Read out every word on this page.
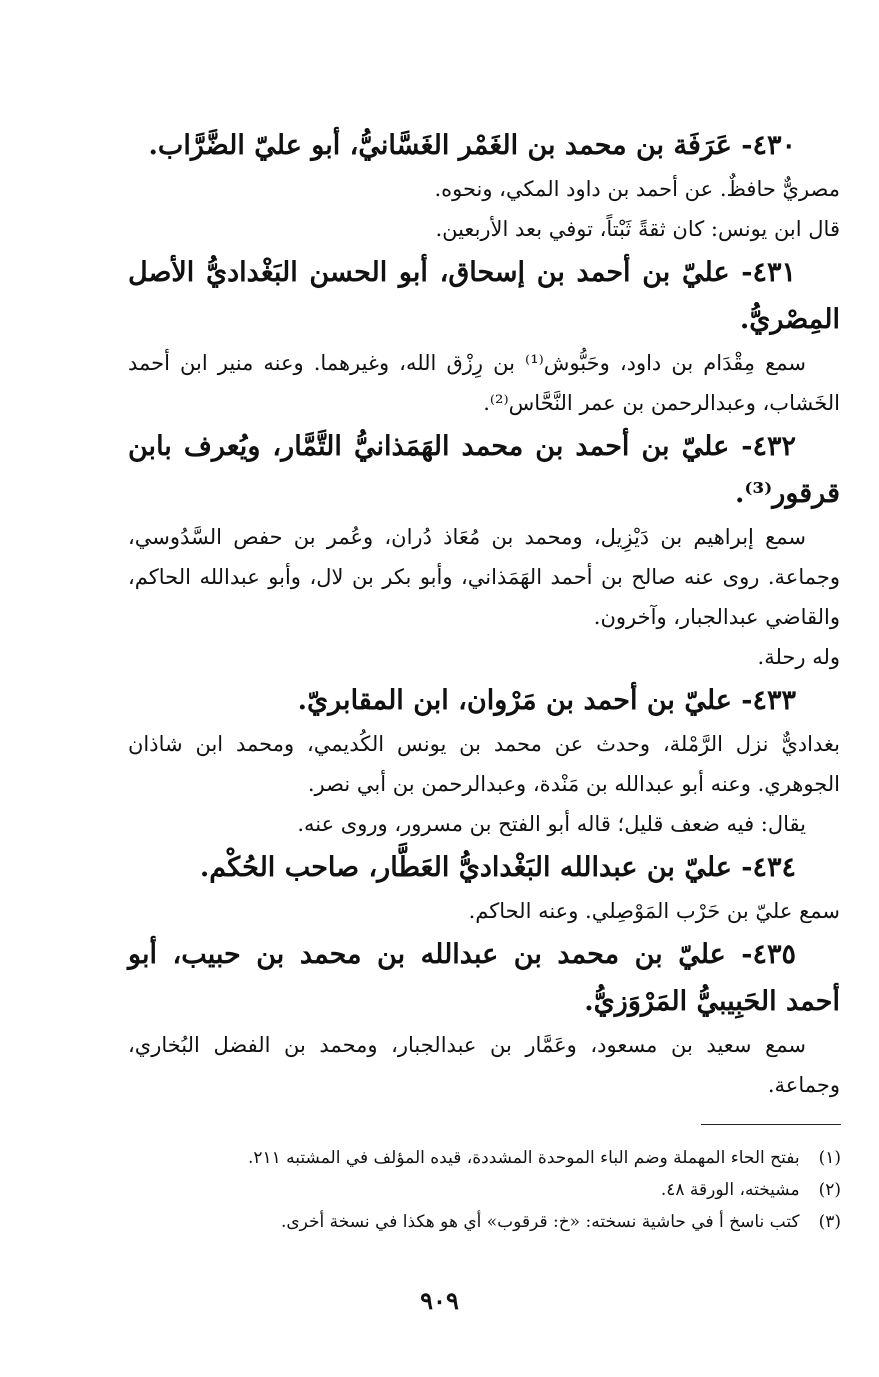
٤٣٠- عَرَفَة بن محمد بن الغَمْر الغَسَّانيُّ، أبو عليّ الضَّرَّاب.

مصريٌّ حافظٌ. عن أحمد بن داود المكي، ونحوه.

قال ابن يونس: كان ثقةً ثَبْتاً، توفي بعد الأربعين.

٤٣١- عليّ بن أحمد بن إسحاق، أبو الحسن البَغْداديُّ الأصل المِصْريُّ.

سمع مِقْدَام بن داود، وحَبُّوش⁽¹⁾ بن رِزْق الله، وغيرهما. وعنه منير ابن أحمد الخَشاب، وعبدالرحمن بن عمر النَّحَّاس⁽²⁾.

٤٣٢- عليّ بن أحمد بن محمد الهَمَذانيُّ التَّمَّار، ويُعرف بابن قرقور⁽³⁾.

سمع إبراهيم بن دَيْزِيل، ومحمد بن مُعَاذ دُران، وعُمر بن حفص السَّدُوسي، وجماعة. روى عنه صالح بن أحمد الهَمَذاني، وأبو بكر بن لال، وأبو عبدالله الحاكم، والقاضي عبدالجبار، وآخرون.

وله رحلة.

٤٣٣- عليّ بن أحمد بن مَرْوان، ابن المقابريّ.

بغداديٌّ نزل الرَّمْلة، وحدث عن محمد بن يونس الكُديمي، ومحمد ابن شاذان الجوهري. وعنه أبو عبدالله بن مَنْدة، وعبدالرحمن بن أبي نصر.

يقال: فيه ضعف قليل؛ قاله أبو الفتح بن مسرور، وروى عنه.

٤٣٤- عليّ بن عبدالله البَغْداديُّ العَطَّار، صاحب الحُكْم.

سمع عليّ بن حَرْب المَوْصِلي. وعنه الحاكم.

٤٣٥- عليّ بن محمد بن عبدالله بن محمد بن حبيب، أبو أحمد الحَبِيبيُّ المَرْوَزيُّ.

سمع سعيد بن مسعود، وعَمَّار بن عبدالجبار، ومحمد بن الفضل البُخاري، وجماعة.

(١) بفتح الحاء المهملة وضم الباء الموحدة المشددة، قيده المؤلف في المشتبه ٢١١.

(٢) مشيخته، الورقة ٤٨.

(٣) كتب ناسخ أ في حاشية نسخته: «خ: قرقوب» أي هو هكذا في نسخة أخرى.

٩٠٩
